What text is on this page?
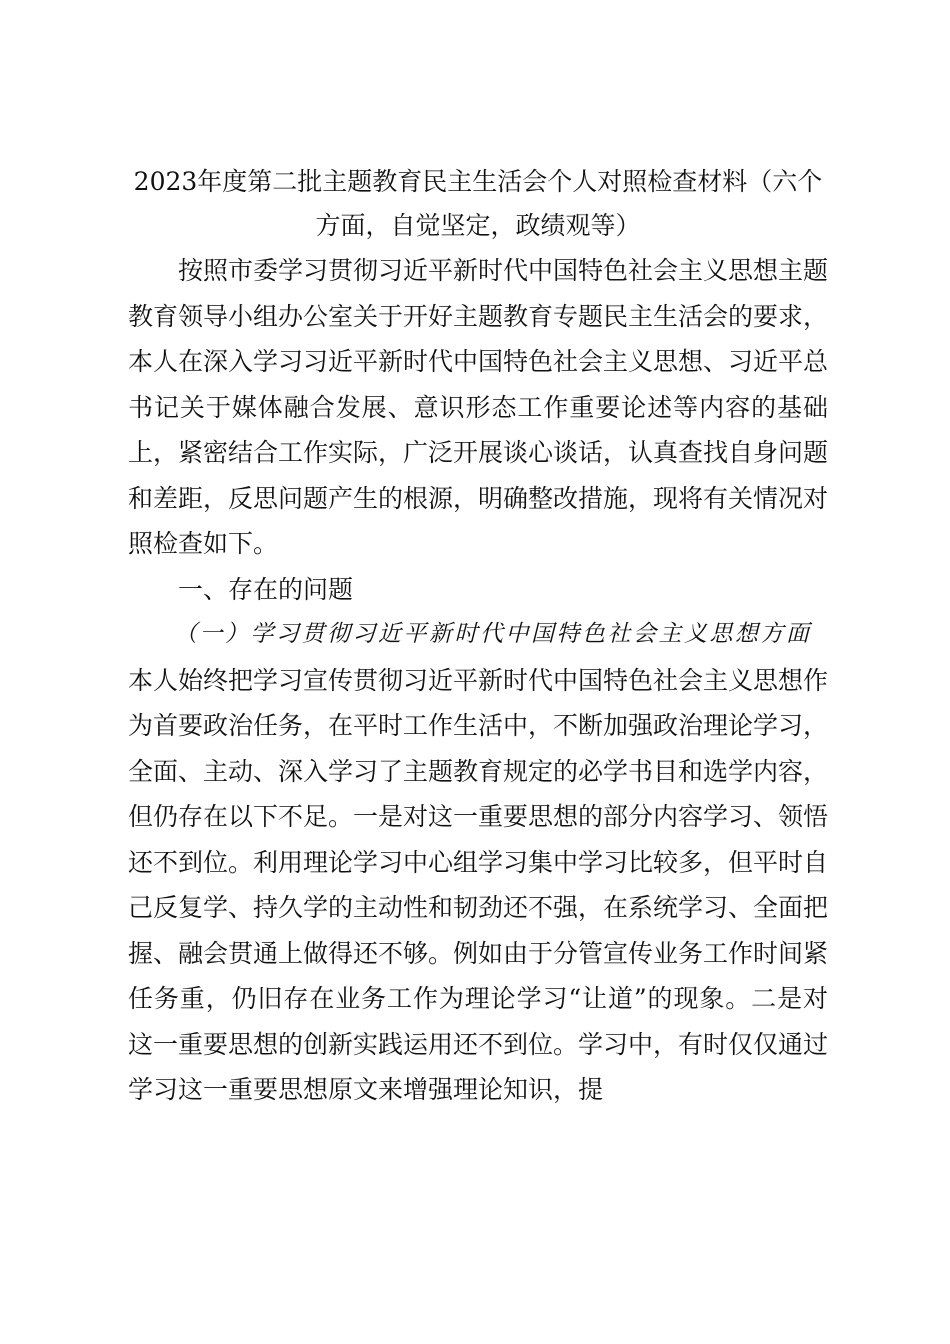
2023年度第二批主题教育民主生活会个人对照检查材料（六个方面，自觉坚定，政绩观等）

按照市委学习贯彻习近平新时代中国特色社会主义思想主题教育领导小组办公室关于开好主题教育专题民主生活会的要求，本人在深入学习习近平新时代中国特色社会主义思想、习近平总书记关于媒体融合发展、意识形态工作重要论述等内容的基础上，紧密结合工作实际，广泛开展谈心谈话，认真查找自身问题和差距，反思问题产生的根源，明确整改措施，现将有关情况对照检查如下。

一、存在的问题

（一）学习贯彻习近平新时代中国特色社会主义思想方面

本人始终把学习宣传贯彻习近平新时代中国特色社会主义思想作为首要政治任务，在平时工作生活中，不断加强政治理论学习，全面、主动、深入学习了主题教育规定的必学书目和选学内容，但仍存在以下不足。一是对这一重要思想的部分内容学习、领悟还不到位。利用理论学习中心组学习集中学习比较多，但平时自己反复学、持久学的主动性和韧劲还不强，在系统学习、全面把握、融会贯通上做得还不够。例如由于分管宣传业务工作时间紧任务重，仍旧存在业务工作为理论学习“让道”的现象。二是对这一重要思想的创新实践运用还不到位。学习中，有时仅仅通过学习这一重要思想原文来增强理论知识，提
